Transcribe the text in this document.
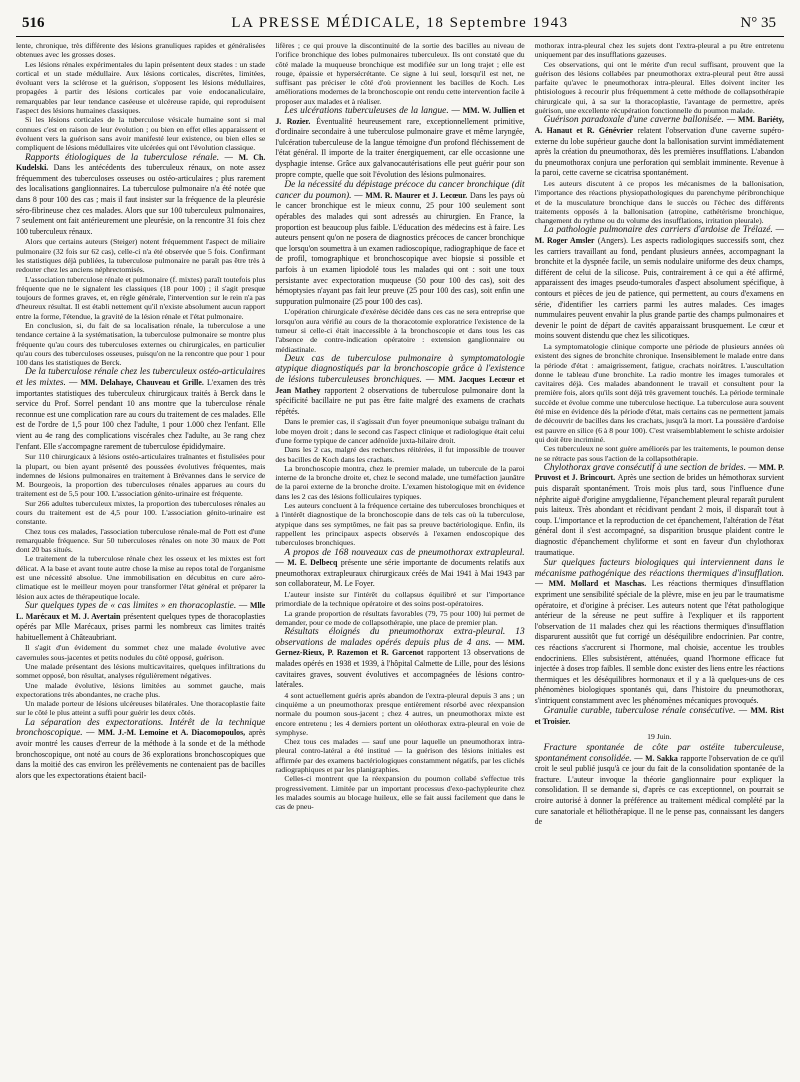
516	LA PRESSE MÉDICALE, 18 Septembre 1943	N° 35

lente, chronique, très différente des lésions granuliques rapides et généralisées obtenues avec les grosses doses.

Les lésions rénales expérimentales du lapin présentent deux stades : un stade cortical et un stade médullaire. Aux lésions corticales, discrètes, limitées, évoluant vers la sclérose et la guérison, s'opposent les lésions médullaires, propagées à partir des lésions corticales par voie endocanaliculaire, remarquables par leur tendance caséeuse et ulcéreuse rapide, qui reproduisent l'aspect des lésions humaines classiques.

Si les lésions corticales de la tuberculose vésicale humaine sont si mal connues c'est en raison de leur évolution ; ou bien en effet elles apparaissent et évoluent vers la guérison sans avoir manifesté leur existence, ou bien elles se compliquent de lésions médullaires vite ulcérées qui ont l'évolution classique.

Rapports étiologiques de la tuberculose rénale. — M. Ch. Kudelski. Dans les antécédents des tuberculeux rénaux, on note assez fréquemment des tuberculoses osseuses ou ostéo-articulaires ; plus rarement des localisations ganglionnaires. La tuberculose pulmonaire n'a été notée que dans 8 pour 100 des cas ; mais il faut insister sur la fréquence de la pleurésie séro-fibrineuse chez ces malades. Alors que sur 100 tuberculeux pulmonaires, 7 seulement ont fait antérieurement une pleurésie, on la rencontre 31 fois chez 100 tuberculeux rénaux.

Alors que certains auteurs (Steiger) notent fréquemment l'aspect de miliaire pulmonaire (32 fois sur 62 cas), celle-ci n'a été observée que 5 fois. Confirmant les statistiques déjà publiées, la tuberculose pulmonaire ne paraît pas être très à redouter chez les anciens néphrectomisés.

L'association tuberculose rénale et pulmonaire (f. mixtes) paraît toutefois plus fréquente que ne le signalent les classiques (18 pour 100) ; il s'agit presque toujours de formes graves, et, en règle générale, l'intervention sur le rein n'a pas d'heureux résultat. Il est établi nettement qu'il n'existe absolument aucun rapport entre la forme, l'étendue, la gravité de la lésion rénale et l'état pulmonaire.

En conclusion, si, du fait de sa localisation rénale, la tuberculose a une tendance certaine à la systématisation, la tuberculose pulmonaire se montre plus fréquente qu'au cours des tuberculoses externes ou chirurgicales, en particulier qu'au cours des tuberculoses osseuses, puisqu'on ne la rencontre que pour 1 pour 100 dans les statistiques de Berck.

De la tuberculose rénale chez les tuberculeux ostéo-articulaires et les mixtes. — MM. Delahaye, Chauveau et Grille. L'examen des très importantes statistiques des tuberculeux chirurgicaux traités à Berck dans le service du Prof. Sorrel pendant 10 ans montre que la tuberculose rénale reconnue est une complication rare au cours du traitement de ces malades. Elle est de l'ordre de 1,5 pour 100 chez l'adulte, 1 pour 1.000 chez l'enfant. Elle vient au 4e rang des complications viscérales chez l'adulte, au 3e rang chez l'enfant. Elle s'accompagne rarement de tuberculose épididymaire.

Sur 110 chirurgicaux à lésions ostéo-articulaires traînantes et fistulisées pour la plupart, ou bien ayant présenté des poussées évolutives fréquentes, mais indemnes de lésions pulmonaires en traitement à Brévannes dans le service de M. Bourgeois, la proportion des tuberculoses rénales apparues au cours du traitement est de 5,5 pour 100. L'association génito-urinaire est fréquente.

Sur 266 adultes tuberculeux mixtes, la proportion des tuberculoses rénales au cours du traitement est de 4,5 pour 100. L'association génito-urinaire est constante.

Chez tous ces malades, l'association tuberculose rénale-mal de Pott est d'une remarquable fréquence. Sur 50 tuberculoses rénales on note 30 maux de Pott dont 20 bas situés.

Le traitement de la tuberculose rénale chez les osseux et les mixtes est fort délicat. A la base et avant toute autre chose la mise au repos total de l'organisme est une nécessité absolue. Une immobilisation en décubitus en cure aéro-climatique est le meilleur moyen pour transformer l'état général et préparer la lésion aux actes de thérapeutique locale.

Sur quelques types de « cas limites » en thoracoplastie. — Mlle L. Marécaux et M. J. Avertain présentent quelques types de thoracoplasties opérés par Mlle Marécaux, prises parmi les nombreux cas limites traités habituellement à Châteaubriant.

Il s'agit d'un évidement du sommet chez une malade évolutive avec cavernules sous-jacentes et petits nodules du côté opposé, guérison.

Une malade présentant des lésions multicavitaires, quelques infiltrations du sommet opposé, bon résultat, analyses régulièrement négatives.

Une malade évolutive, lésions limitées au sommet gauche, mais expectorations très abondantes, ne crache plus.

Un malade porteur de lésions ulcéreuses bilatérales. Une thoracoplastie faite sur le côté le plus atteint a suffi pour guérir les deux côtés.

La séparation des expectorations. Intérêt de la technique bronchoscopique. — MM. J.-M. Lemoine et A. Diacomopoulos, après avoir montré les causes d'erreur de la méthode à la sonde et de la méthode bronchoscopique, ont noté au cours de 36 explorations bronchoscopiques que dans la moitié des cas environ les prélèvements ne contenaient pas de bacilles alors que les expectorations étaient bacil-

lifères ; ce qui prouve la discontinuité de la sortie des bacilles au niveau de l'orifice bronchique des lobes pulmonaires tuberculeux. Ils ont constaté que du côté malade la muqueuse bronchique est modifiée sur un long trajet ; elle est rouge, épaissie et hypersécrétante. Ce signe à lui seul, lorsqu'il est net, ne suffisant pas préciser le côté d'où proviennent les bacilles de Koch. Les améliorations modernes de la bronchoscopie ont rendu cette intervention facile à proposer aux malades et à réaliser.

Les ulcérations tuberculeuses de la langue. — MM. W. Jullien et J. Rozier. Éventualité heureusement rare, exceptionnellement primitive, d'ordinaire secondaire à une tuberculose pulmonaire grave et même laryngée, l'ulcération tuberculeuse de la langue témoigne d'un profond fléchissement de l'état général. Il importe de la traiter énergiquement, car elle occasionne une dysphagie intense. Grâce aux galvanocautérisations elle peut guérir pour son propre compte, quelle que soit l'évolution des lésions pulmonaires.

De la nécessité du dépistage précoce du cancer bronchique (dit cancer du poumon). — MM. R. Maurer et J. Lecœur. Dans les pays où le cancer bronchique est le mieux connu, 25 pour 100 seulement sont opérables des malades qui sont adressés au chirurgien. En France, la proportion est beaucoup plus faible. L'éducation des médecins est à faire. Les auteurs pensent qu'on ne posera de diagnostics précoces de cancer bronchique que lorsqu'on soumettra à un examen radioscopique, radiographique de face et de profil, tomographique et bronchoscopique avec biopsie si possible et parfois à un examen lipiodolé tous les malades qui ont : soit une toux persistante avec expectoration muqueuse (50 pour 100 des cas), soit des hémoptysies n'ayant pas fait leur preuve (25 pour 100 des cas), soit enfin une suppuration pulmonaire (25 pour 100 des cas).

L'opération chirurgicale d'exérèse décidée dans ces cas ne sera entreprise que lorsqu'on aura vérifié au cours de la thoracotomie exploratrice l'existence de la tumeur si celle-ci était inaccessible à la bronchoscopie et dans tous les cas l'absence de contre-indication opératoire : extension ganglionnaire ou médiastinale.

Deux cas de tuberculose pulmonaire à symptomatologie atypique diagnostiqués par la bronchoscopie grâce à l'existence de lésions tuberculeuses bronchiques. — MM. Jacques Lecœur et Jean Mathey rapportent 2 observations de tuberculose pulmonaire dont la spécificité bacillaire ne put pas être faite malgré des examens de crachats répétés.

Dans le premier cas, il s'agissait d'un foyer pneumonique subaigu traînant du lobe moyen droit ; dans le second cas l'aspect clinique et radiologique était celui d'une forme typique de cancer adénoïde juxta-hilaire droit.

Dans les 2 cas, malgré des recherches réitérées, il fut impossible de trouver des bacilles de Koch dans les crachats.

La bronchoscopie montra, chez le premier malade, un tubercule de la paroi interne de la bronche droite et, chez le second malade, une tuméfaction jaunâtre de la paroi externe de la bronche droite. L'examen histologique mit en évidence dans les 2 cas des lésions folliculaires typiques.

Les auteurs concluent à la fréquence certaine des tuberculoses bronchiques et à l'intérêt diagnostique de la bronchoscopie dans de tels cas où la tuberculose, atypique dans ses symptômes, ne fait pas sa preuve bactériologique. Enfin, ils rappellent les principaux aspects observés à l'examen endoscopique des tuberculoses bronchiques.

A propos de 168 nouveaux cas de pneumothorax extrapleural. — M. E. Delbecq présente une série importante de documents relatifs aux pneumothorax extrapleuraux chirurgicaux créés de Mai 1941 à Mai 1943 par son collaborateur, M. Le Foyer.

L'auteur insiste sur l'intérêt du collapsus équilibré et sur l'importance primordiale de la technique opératoire et des soins post-opératoires.

La grande proportion de résultats favorables (79, 75 pour 100) lui permet de demander, pour ce mode de collapsothérapie, une place de premier plan.

Résultats éloignés du pneumothorax extra-pleural. 13 observations de malades opérés depuis plus de 4 ans. — MM. Gernez-Rieux, P. Razemon et R. Garcenot rapportent 13 observations de malades opérés en 1938 et 1939, à l'hôpital Calmette de Lille, pour des lésions cavitaires graves, souvent évolutives et accompagnées de lésions contro-latérales.

4 sont actuellement guéris après abandon de l'extra-pleural depuis 3 ans ; un cinquième a un pneumothorax presque entièrement résorbé avec réexpansion normale du poumon sous-jacent ; chez 4 autres, un pneumothorax mixte est encore entretenu ; les 4 derniers portent un oléothorax extra-pleural en voie de symphyse.

Chez tous ces malades — sauf une pour laquelle un pneumothorax intra-pleural contro-latéral a été institué — la guérison des lésions initiales est affirmée par des examens bactériologiques constamment négatifs, par les clichés radiographiques et par les planigraphies.

Celles-ci montrent que la réexpansion du poumon collabé s'effectue très progressivement. Limitée par un important processus d'exo-pachypleurite chez les malades soumis au blocage huileux, elle se fait aussi facilement que dans le cas de pneu-

mothorax intra-pleural chez les sujets dont l'extra-pleural a pu être entretenu uniquement par des insufflations gazeuses.

Ces observations, qui ont le mérite d'un recul suffisant, prouvent que la guérison des lésions collabées par pneumothorax extra-pleural peut être aussi parfaite qu'avec le pneumothorax intra-pleural. Elles doivent inciter les phtisiologues à recourir plus fréquemment à cette méthode de collapsothérapie chirurgicale qui, à sa sur la thoracoplastie, l'avantage de permettre, après guérison, une excellente récupération fonctionnelle du poumon malade.

Guérison paradoxale d'une caverne ballonisée. — MM. Bariéty, A. Hanaut et R. Génévrier relatent l'observation d'une caverne supéro-externe du lobe supérieur gauche dont la ballonisation survint immédiatement après la création du pneumothorax, dès les premières insufflations. L'abandon du pneumothorax conjura une perforation qui semblait imminente. Revenue à la paroi, cette caverne se cicatrisa spontanément.

Les auteurs discutent à ce propos les mécanismes de la ballonisation, l'importance des réactions physiopathologiques du parenchyme péribronchique et de la musculature bronchique dans le succès ou l'échec des différents traitements opposés à la ballonisation (atropine, cathétérisme bronchique, changement du rythme ou du volume des insufflations, irritation pleurale).

La pathologie pulmonaire des carriers d'ardoise de Trélazé. — M. Roger Amsler (Angers). Les aspects radiologiques successifs sont, chez les carriers travaillant au fond, pendant plusieurs années, accompagnant la bronchite et la dyspnée facile, un semis nodulaire uniforme des deux champs, différent de celui de la silicose. Puis, contrairement à ce qui a été affirmé, apparaissent des images pseudo-tumorales d'aspect absolument spécifique, à contours et pièces de jeu de patience, qui permettent, au cours d'examens en série, d'identifier les carriers parmi les autres malades. Ces images nummulaires peuvent envahir la plus grande partie des champs pulmonaires et devenir le point de départ de cavités apparaissant brusquement. Le cœur et moins souvent distendu que chez les silicotiques.

La symptomatologie clinique comporte une période de plusieurs années où existent des signes de bronchite chronique. Insensiblement le malade entre dans la période d'état : amaigrissement, fatigue, crachats noirâtres. L'auscultation donne le tableau d'une bronchite. La radio montre les images tumorales et cavitaires déjà. Ces malades abandonnent le travail et consultent pour la première fois, alors qu'ils sont déjà très gravement touchés. La période terminale succède et évolue comme une tuberculose hectique. La tuberculose aura souvent été mise en évidence dès la période d'état, mais certains cas ne permettent jamais de découvrir de bacilles dans les crachats, jusqu'à la mort. La poussière d'ardoise est pauvre en silice (6 à 8 pour 100). C'est vraisemblablement le schiste ardoisier qui doit être incriminé.

Ces tuberculeux ne sont guère améliorés par les traitements, le poumon dense ne se rétracte pas sous l'action de la collapsothérapie.

Chylothorax grave consécutif à une section de brides. — MM. P. Pruvost et J. Brincourt. Après une section de brides un hémothorax survient puis disparaît spontanément. Trois mois plus tard, sous l'influence d'une néphrite aiguë d'origine amygdalienne, l'épanchement pleural reparaît purulent puis laiteux. Très abondant et récidivant pendant 2 mois, il disparaît tout à coup. L'importance et la reproduction de cet épanchement, l'altération de l'état général dont il s'est accompagné, sa disparition brusque plaident contre le diagnostic d'épanchement chyliforme et sont en faveur d'un chylothorax traumatique.

Sur quelques facteurs biologiques qui interviennent dans le mécanisme pathogénique des réactions thermiques d'insufflation. — MM. Mollard et Maschas. Les réactions thermiques d'insufflation expriment une sensibilité spéciale de la plèvre, mise en jeu par le traumatisme opératoire, et d'origine à préciser. Les auteurs notent que l'état pathologique antérieur de la séreuse ne peut suffire à l'expliquer et ils rapportent l'observation de 11 malades chez qui les réactions thermiques d'insufflation disparurent aussitôt que fut corrigé un déséquilibre endocrinien. Par contre, ces réactions s'accrurent si l'hormone, mal choisie, accentue les troubles endocriniens. Elles subsistèrent, atténuées, quand l'hormone efficace fut injectée à doses trop faibles. Il semble donc exister des liens entre les réactions thermiques et les déséquilibres hormonaux et il y a là quelques-uns de ces phénomènes biologiques spontanés qui, dans l'histoire du pneumothorax, s'intriquent constamment avec les phénomènes mécaniques provoqués.

Granulie curable, tuberculose rénale consécutive. — MM. Rist et Troisier.

19 Juin.

Fracture spontanée de côte par ostéite tuberculeuse, spontanément consolidée. — M. Sakka rapporte l'observation de ce qu'il croit le seul publié jusqu'à ce jour du fait de la consolidation spontanée de la fracture. L'auteur invoque la théorie ganglionnaire pour expliquer la consolidation. Il se demande si, d'après ce cas exceptionnel, on pourrait se croire autorisé à donner la préférence au traitement médical complété par la cure sanatoriale et héliothérapique. Il ne le pense pas, connaissant les dangers de
